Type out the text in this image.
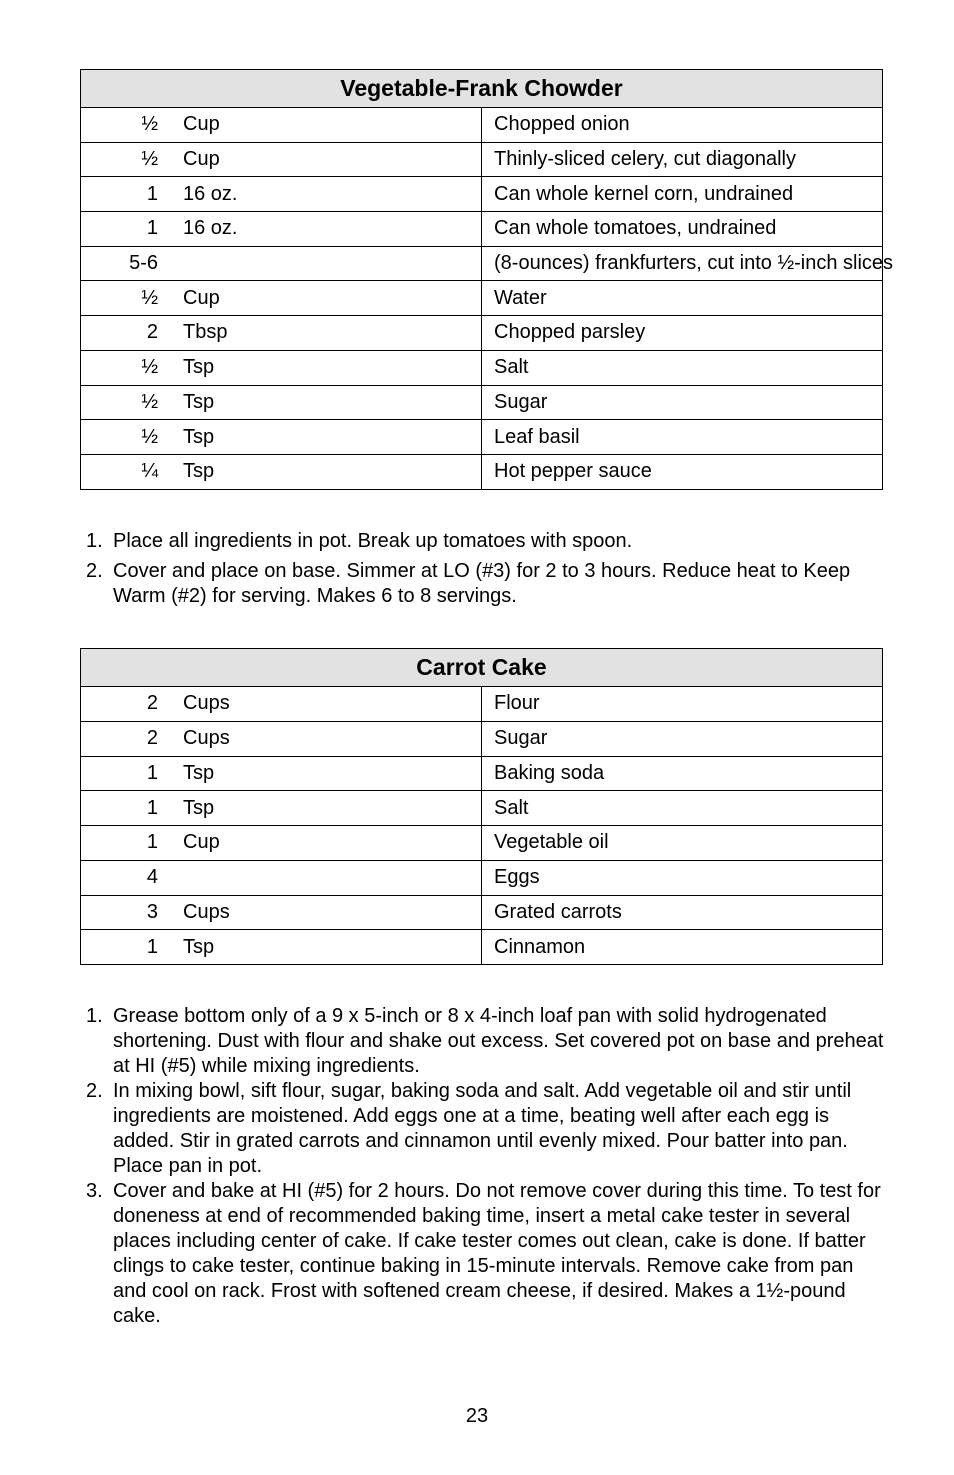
Vegetable-Frank Chowder	
½ Cup	Chopped onion
½ Cup	Thinly-sliced celery, cut diagonally
1 16 oz.	Can whole kernel corn, undrained
1 16 oz.	Can whole tomatoes, undrained
5-6	(8-ounces) frankfurters, cut into ½-inch slices
½ Cup	Water
2 Tbsp	Chopped parsley
½ Tsp	Salt
½ Tsp	Sugar
½ Tsp	Leaf basil
¼ Tsp	Hot pepper sauce
1. Place all ingredients in pot. Break up tomatoes with spoon.
2. Cover and place on base. Simmer at LO (#3) for 2 to 3 hours. Reduce heat to Keep Warm (#2) for serving. Makes 6 to 8 servings.
Carrot Cake	
2 Cups	Flour
2 Cups	Sugar
1 Tsp	Baking soda
1 Tsp	Salt
1 Cup	Vegetable oil
4	Eggs
3 Cups	Grated carrots
1 Tsp	Cinnamon
1. Grease bottom only of a 9 x 5-inch or 8 x 4-inch loaf pan with solid hydrogenated shortening. Dust with flour and shake out excess. Set covered pot on base and preheat at HI (#5) while mixing ingredients.
2. In mixing bowl, sift flour, sugar, baking soda and salt. Add vegetable oil and stir until ingredients are moistened. Add eggs one at a time, beating well after each egg is added. Stir in grated carrots and cinnamon until evenly mixed. Pour batter into pan. Place pan in pot.
3. Cover and bake at HI (#5) for 2 hours. Do not remove cover during this time. To test for doneness at end of recommended baking time, insert a metal cake tester in several places including center of cake. If cake tester comes out clean, cake is done. If batter clings to cake tester, continue baking in 15-minute intervals. Remove cake from pan and cool on rack. Frost with softened cream cheese, if desired. Makes a 1½-pound cake.
23
